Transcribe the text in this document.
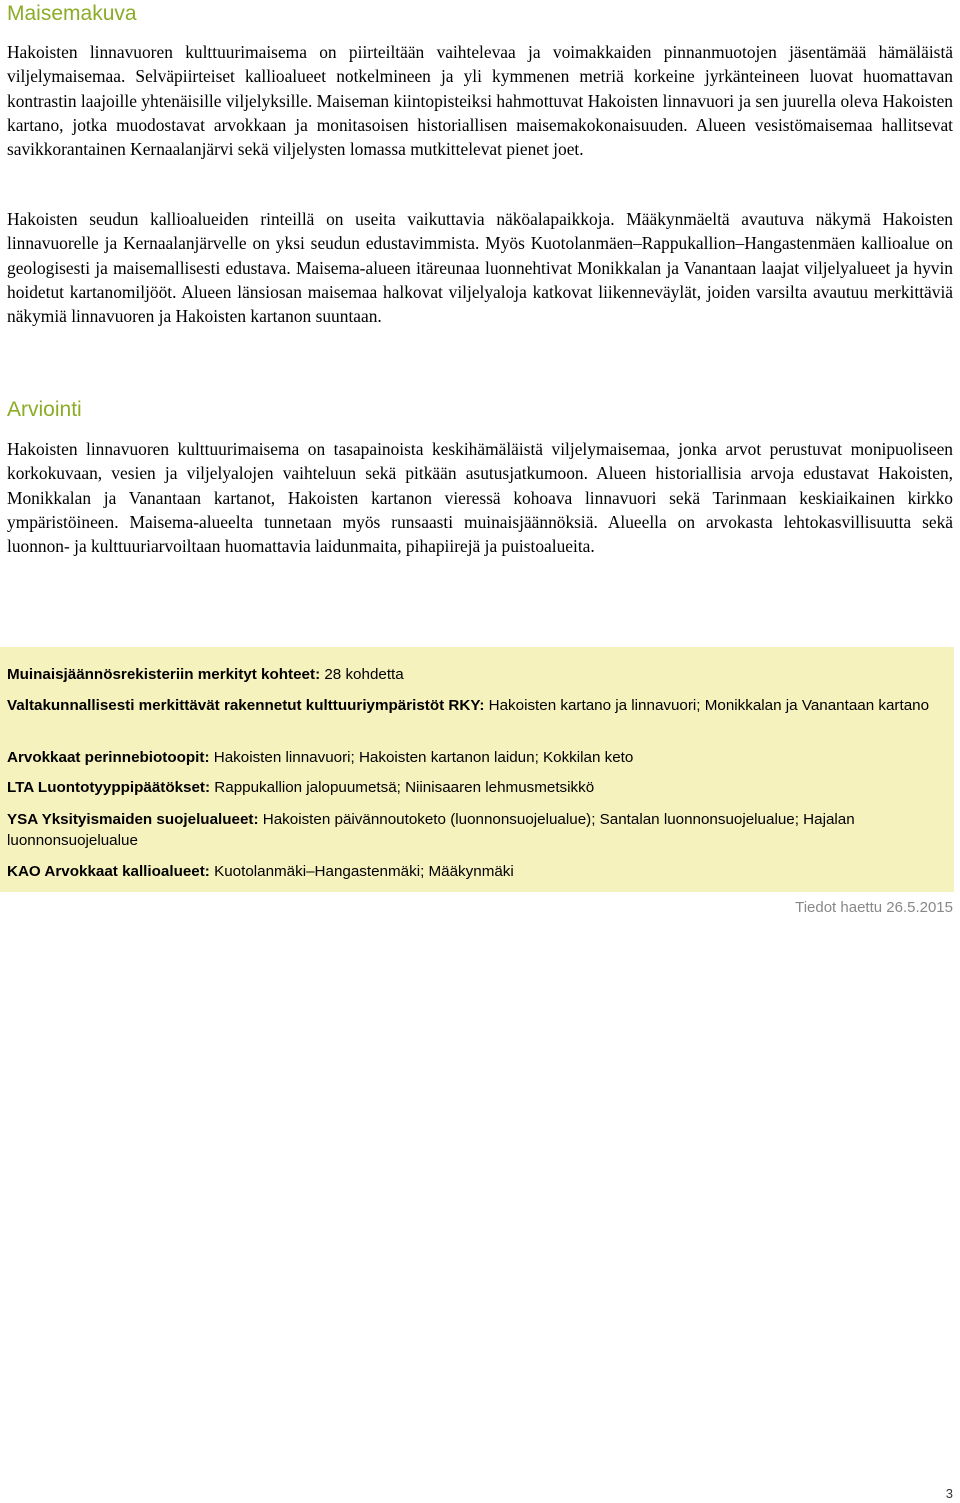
Maisemakuva

Hakoisten linnavuoren kulttuurimaisema on piirteiltään vaihtelevaa ja voimakkaiden pinnanmuotojen jäsentämää hämäläistä viljelymaisemaa. Selväpiirteiset kallioalueet notkelmineen ja yli kymmenen metriä korkeine jyrkänteineen luovat huomattavan kontrastin laajoille yhtenäisille viljelyksille. Maiseman kiintopisteiksi hahmottuvat Hakoisten linnavuori ja sen juurella oleva Hakoisten kartano, jotka muodostavat arvokkaan ja monitasoisen historiallisen maisemakokonaisuuden. Alueen vesistömaisemaa hallitsevat savikkorantainen Kernaalanjärvi sekä viljelysten lomassa mutkittelevat pienet joet.

Hakoisten seudun kallioalueiden rinteillä on useita vaikuttavia näköalapaikkoja. Määkynmäeltä avautuva näkymä Hakoisten linnavuorelle ja Kernaalanjärvelle on yksi seudun edustavimmista. Myös Kuotolanmäen–Rappukallion–Hangastenmäen kallioalue on geologisesti ja maisemallisesti edustava. Maisema-alueen itäreunaa luonnehtivat Monikkalan ja Vanantaan laajat viljelyalueet ja hyvin hoidetut kartanomiljööt. Alueen länsiosan maisemaa halkovat viljelyaloja katkovat liikenneväylät, joiden varsilta avautuu merkittäviä näkymiä linnavuoren ja Hakoisten kartanon suuntaan.

Arviointi

Hakoisten linnavuoren kulttuurimaisema on tasapainoista keskihämäläistä viljelymaisemaa, jonka arvot perustuvat monipuoliseen korkokuvaan, vesien ja viljelyalojen vaihteluun sekä pitkään asutusjatkumoon. Alueen historiallisia arvoja edustavat Hakoisten, Monikkalan ja Vanantaan kartanot, Hakoisten kartanon vieressä kohoava linnavuori sekä Tarinmaan keskiaikainen kirkko ympäristöineen. Maisema-alueelta tunnetaan myös runsaasti muinaisjäännöksiä. Alueella on arvokasta lehtokasvillisuutta sekä luonnon- ja kulttuuriarvoiltaan huomattavia laidunmaita, pihapiirejä ja puistoalueita.

Muinaisjäännösrekisteriin merkityt kohteet: 28 kohdetta

Valtakunnallisesti merkittävät rakennetut kulttuuriympäristöt RKY: Hakoisten kartano ja linnavuori; Monikkalan ja Vanantaan kartano

Arvokkaat perinnebiotoopit: Hakoisten linnavuori; Hakoisten kartanon laidun; Kokkilan keto

LTA Luontotyyppipäätökset: Rappukallion jalopuumetsä; Niinisaaren lehmusmetsikkö

YSA Yksityismaiden suojelualueet: Hakoisten päivännoutoketo (luonnonsuojelualue); Santalan luonnonsuojelualue; Hajalan luonnonsuojelualue

KAO Arvokkaat kallioalueet: Kuotolanmäki–Hangastenmäki; Määkynmäki

Tiedot haettu 26.5.2015
3
